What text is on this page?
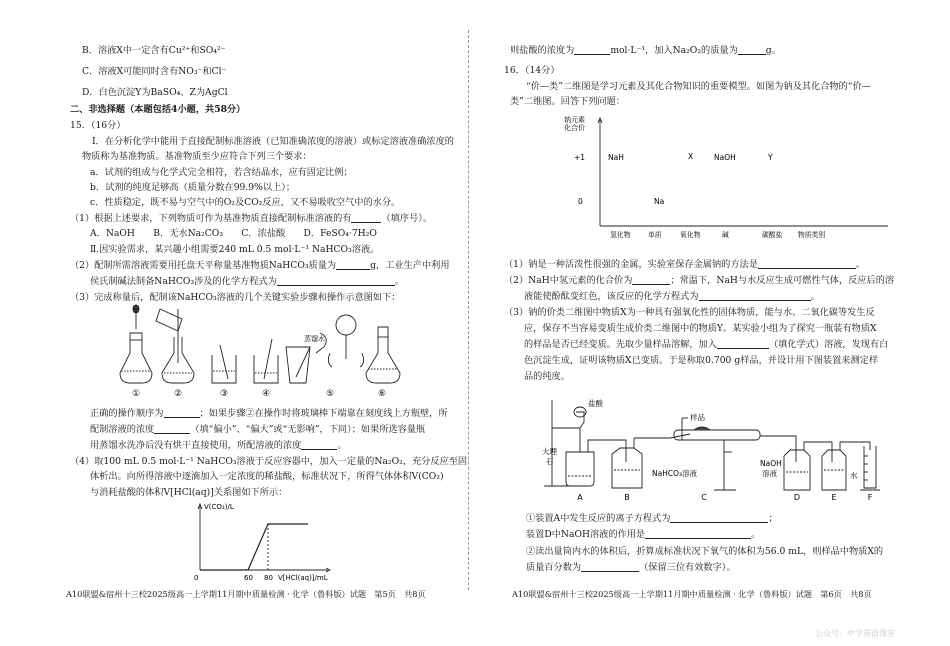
B．溶液X中一定含有Cu²⁺和SO₄²⁻
C．溶液X可能同时含有NO₃⁻和Cl⁻
D．白色沉淀Y为BaSO₄、Z为AgCl
二、非选择题（本题包括4小题，共58分）
15．（16分）
Ⅰ．在分析化学中能用于直接配制标准溶液（已知准确浓度的溶液）或标定溶液准确浓度的
物质称为基准物质。基准物质至少应符合下列三个要求：
a．试剂的组成与化学式完全相符，若含结晶水，应有固定比例；
b．试剂的纯度足够高（质量分数在99.9%以上）；
c．性质稳定，既不易与空气中的O₂及CO₂反应，又不易吸收空气中的水分。
（1）根据上述要求，下列物质可作为基准物质直接配制标准溶液的有	（填序号）。
A．NaOH　　B．无水Na₂CO₃　　C．浓盐酸　　D．FeSO₄·7H₂O
Ⅱ.因实验需求，某兴趣小组需要240 mL 0.5 mol·L⁻¹ NaHCO₃溶液。
（2）配制所需溶液需要用托盘天平称量基准物质NaHCO₃质量为	g，工业生产中利用
侯氏制碱法制备NaHCO₃涉及的化学方程式为	。
（3）完成称量后，配制该NaHCO₃溶液的几个关键实验步骤和操作示意图如下：
蒸馏水
①	②	③	④	⑤	⑥
正确的操作顺序为	；如果步骤②在操作时将玻璃棒下端靠在刻度线上方瓶壁，所
配制溶液的浓度	（填“偏小”、“偏大”或“无影响”，下同）；如果所选容量瓶
用蒸馏水洗净后没有烘干直接使用，所配溶液的浓度	。
（4）取100 mL 0.5 mol·L⁻¹ NaHCO₃溶液于反应容器中，加入一定量的Na₂O₂，充分反应至固
体析出。向所得溶液中逐滴加入一定浓度的稀盐酸，标准状况下，所得气体体积V(CO₂)
与消耗盐酸的体积V[HCl(aq)]关系图如下所示：
V(CO₂)/L
V[HCl(aq)]/mL
0	60 80
A10联盟&宿州十三校2025级高一上学期11月期中质量检测 · 化学（鲁科版）试题　第5页　共8页
则盐酸的浓度为	mol·L⁻¹，加入Na₂O₂的质量为	g。
16．（14分）
“价—类”二维图是学习元素及其化合物知识的重要模型。如图为钠及其化合物的“价—
类”二维图。回答下列问题：
钠元素
化合价
+1
0
NaH	X	NaOH	Y
Na
氢化物	单质	氧化物	碱	碳酸盐 物质类别
（1）钠是一种活泼性很强的金属，实验室保存金属钠的方法是	。
（2）NaH中氢元素的化合价为	；常温下，NaH与水反应生成可燃性气体，反应后的溶
液能使酚酞变红色，该反应的化学方程式为	。
（3）钠的价类二维图中物质X为一种具有强氧化性的固体物质，能与水、二氧化碳等发生反
应，保存不当容易变质生成价类二维图中的物质Y。某实验小组为了探究一瓶装有物质X
的样品是否已经变质。先取少量样品溶解，加入	（填化学式）溶液，发现有白
色沉淀生成，证明该物质X已变质。于是称取0.700 g样品，并设计用下图装置来测定样
品的纯度。
盐酸
样品
大理
石
NaHCO₃溶液
NaOH
溶液	水
A	B	C	D	E	F
①装置A中发生反应的离子方程式为	；
装置D中NaOH溶液的作用是	。
②读出量筒内水的体积后，折算成标准状况下氧气的体积为56.0 mL，则样品中物质X的
质量百分数为	（保留三位有效数字）。
A10联盟&宿州十三校2025级高一上学期11月期中质量检测 · 化学（鲁科版）试题　第6页　共8页
公众号：中学英语课堂
